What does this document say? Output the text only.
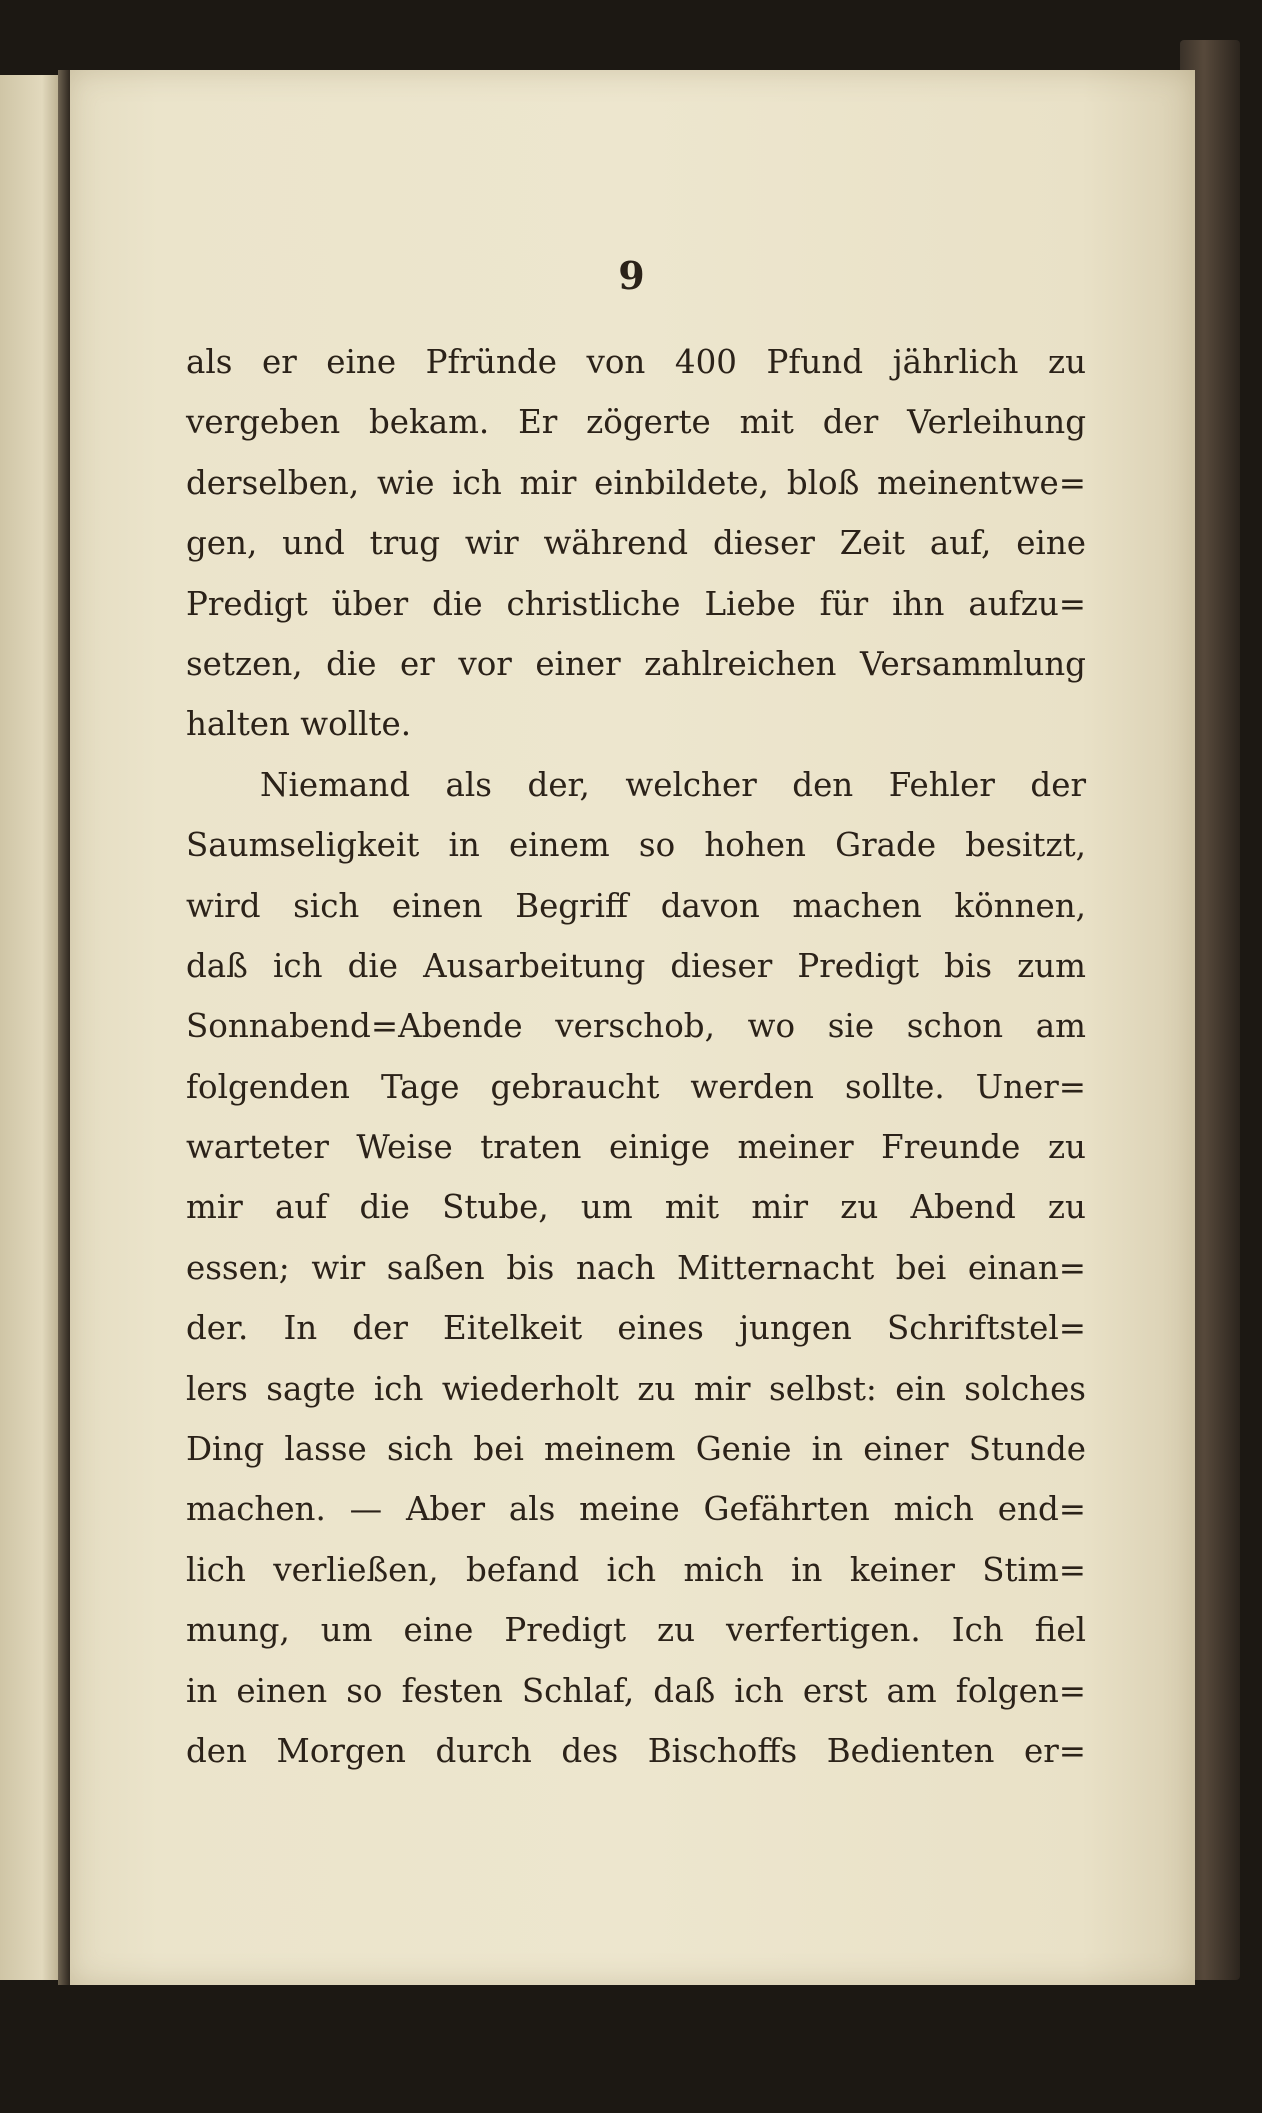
9
als er eine Pfründe von 400 Pfund jährlich zu
vergeben bekam. Er zögerte mit der Verleihung
derselben, wie ich mir einbildete, bloß meinentwe=
gen, und trug wir während dieser Zeit auf, eine
Predigt über die christliche Liebe für ihn aufzu=
setzen, die er vor einer zahlreichen Versammlung
halten wollte.
Niemand als der, welcher den Fehler der
Saumseligkeit in einem so hohen Grade besitzt,
wird sich einen Begriff davon machen können,
daß ich die Ausarbeitung dieser Predigt bis zum
Sonnabend=Abende verschob, wo sie schon am
folgenden Tage gebraucht werden sollte. Uner=
warteter Weise traten einige meiner Freunde zu
mir auf die Stube, um mit mir zu Abend zu
essen; wir saßen bis nach Mitternacht bei einan=
der. In der Eitelkeit eines jungen Schriftstel=
lers sagte ich wiederholt zu mir selbst: ein solches
Ding lasse sich bei meinem Genie in einer Stunde
machen. — Aber als meine Gefährten mich end=
lich verließen, befand ich mich in keiner Stim=
mung, um eine Predigt zu verfertigen. Ich fiel
in einen so festen Schlaf, daß ich erst am folgen=
den Morgen durch des Bischoffs Bedienten er=
